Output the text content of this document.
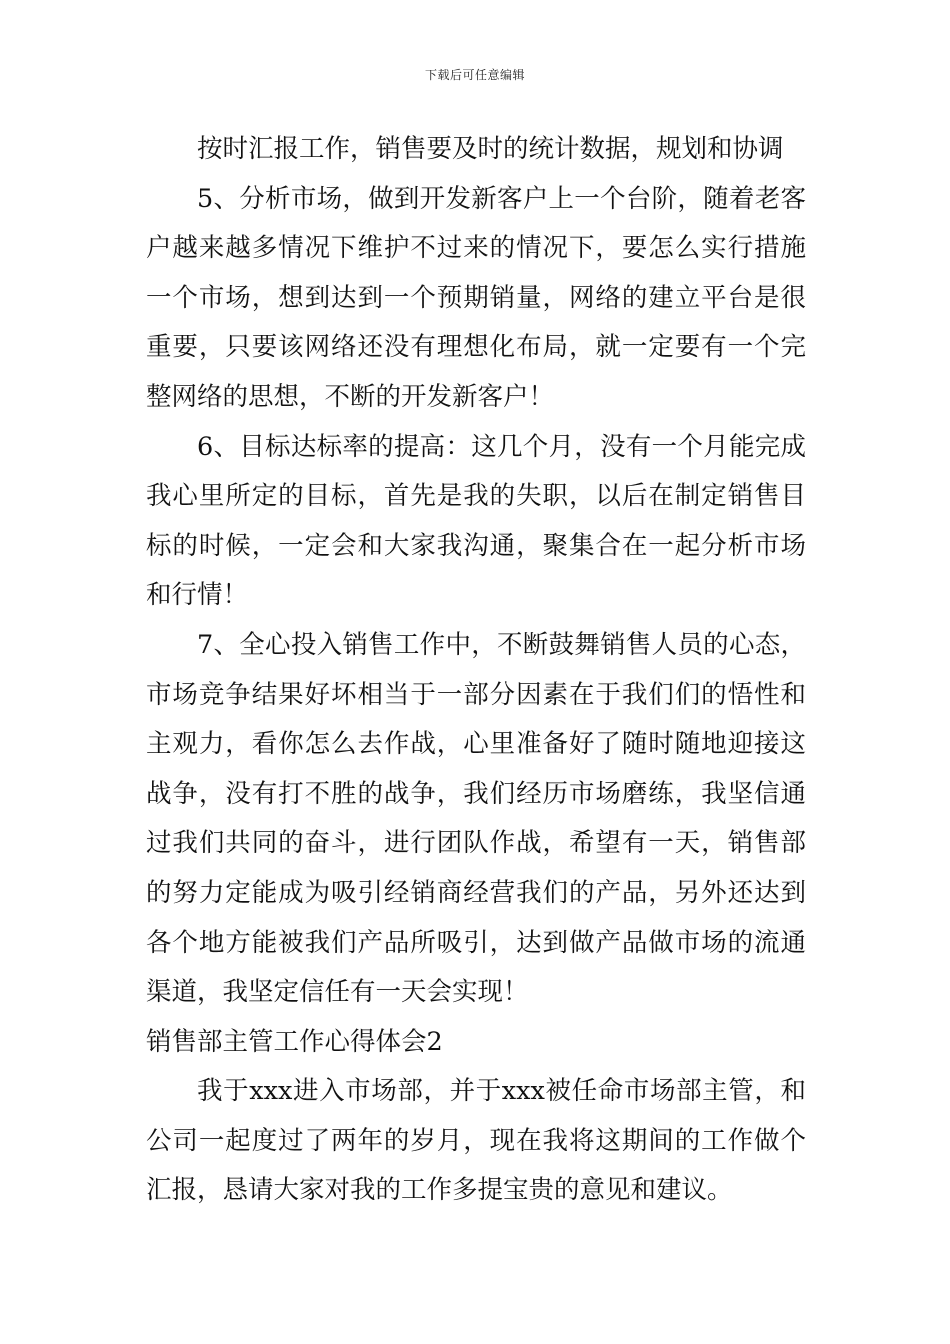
下载后可任意编辑

按时汇报工作，销售要及时的统计数据，规划和协调

5、分析市场，做到开发新客户上一个台阶，随着老客户越来越多情况下维护不过来的情况下，要怎么实行措施一个市场，想到达到一个预期销量，网络的建立平台是很重要，只要该网络还没有理想化布局，就一定要有一个完整网络的思想，不断的开发新客户！

6、目标达标率的提高：这几个月，没有一个月能完成我心里所定的目标，首先是我的失职，以后在制定销售目标的时候，一定会和大家我沟通，聚集合在一起分析市场和行情！

7、全心投入销售工作中，不断鼓舞销售人员的心态，市场竞争结果好坏相当于一部分因素在于我们们的悟性和主观力，看你怎么去作战，心里准备好了随时随地迎接这战争，没有打不胜的战争，我们经历市场磨练，我坚信通过我们共同的奋斗，进行团队作战，希望有一天，销售部的努力定能成为吸引经销商经营我们的产品，另外还达到各个地方能被我们产品所吸引，达到做产品做市场的流通渠道，我坚定信任有一天会实现！

销售部主管工作心得体会2

我于xxx进入市场部，并于xxx被任命市场部主管，和公司一起度过了两年的岁月，现在我将这期间的工作做个汇报，恳请大家对我的工作多提宝贵的意见和建议。
